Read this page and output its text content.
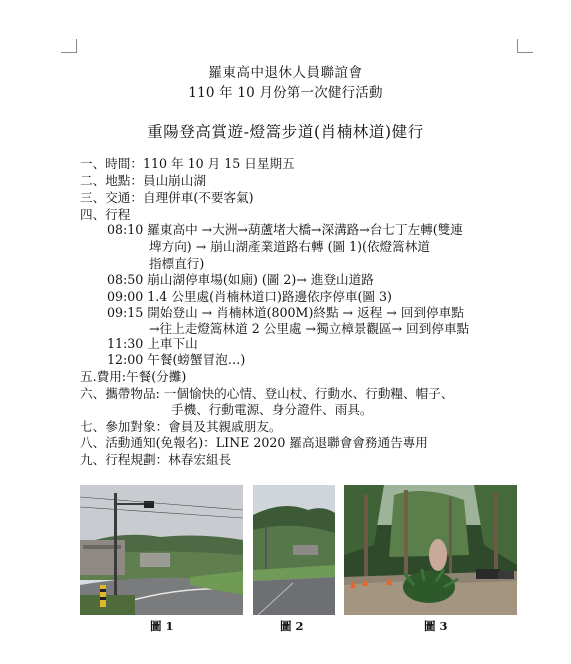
羅東高中退休人員聯誼會
110 年 10 月份第一次健行活動
重陽登高賞遊-燈篙步道(肖楠林道)健行
一、時間：110 年 10 月 15 日星期五
二、地點：員山崩山湖
三、交通：自理併車(不要客氣)
四、行程
08:10 羅東高中 →大洲→葫蘆堵大橋→深溝路→台七丁左轉(雙連
埤方向) → 崩山湖產業道路右轉 (圖 1)(依燈篙林道
指標直行)
08:50 崩山湖停車場(如廁) (圖 2)→ 進登山道路
09:00 1.4 公里處(肖楠林道口)路邊依序停車(圖 3)
09:15 開始登山 → 肖楠林道(800M)終點 → 返程 → 回到停車點
→往上走燈篙林道 2 公里處 →獨立樟景觀區→ 回到停車點
11:30 上車下山
12:00 午餐(螃蟹冒泡…)
五.費用:午餐(分攤)
六、攜帶物品: 一個愉快的心情、登山杖、行動水、行動糧、帽子、
手機、行動電源、身分證件、雨具。
七、參加對象：會員及其親戚朋友。
八、活動通知(免報名)：LINE 2020 羅高退聯會會務通告專用
九、行程規劃：林春宏組長
圖 1	圖 2	圖 3
